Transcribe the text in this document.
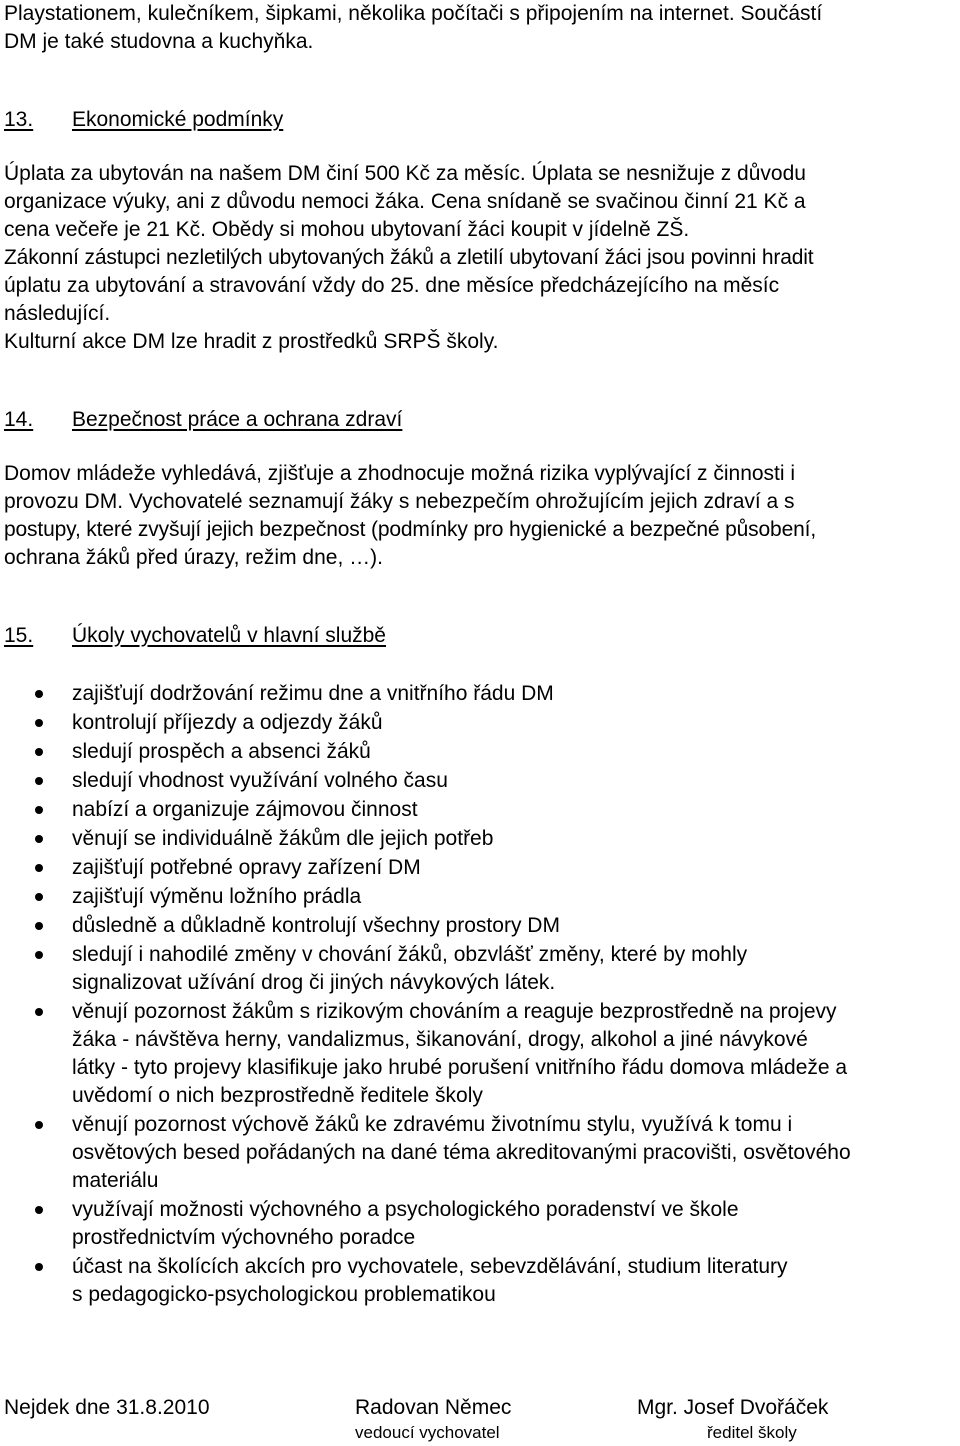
Playstationem, kulečníkem, šipkami, několika počítači s připojením na internet. Součástí
DM je také studovna a kuchyňka.
13. Ekonomické podmínky
Úplata za ubytován na našem DM činí 500 Kč za měsíc. Úplata se nesnižuje z důvodu
organizace výuky, ani z důvodu nemoci žáka. Cena snídaně se svačinou činní 21 Kč a
cena večeře je 21 Kč. Obědy si mohou ubytovaní žáci koupit v jídelně ZŠ.
Zákonní zástupci nezletilých ubytovaných žáků a zletilí ubytovaní žáci jsou povinni hradit
úplatu za ubytování a stravování vždy do 25. dne měsíce předcházejícího na měsíc
následující.
Kulturní akce DM lze hradit z prostředků SRPŠ školy.
14. Bezpečnost práce a ochrana zdraví
Domov mládeže vyhledává, zjišťuje a zhodnocuje možná rizika vyplývající z činnosti i
provozu DM. Vychovatelé seznamují žáky s nebezpečím ohrožujícím jejich zdraví a s
postupy, které zvyšují jejich bezpečnost (podmínky pro hygienické a bezpečné působení,
ochrana žáků před úrazy, režim dne, …).
15. Úkoly vychovatelů v hlavní službě
zajišťují dodržování režimu dne a vnitřního řádu DM
kontrolují příjezdy a odjezdy žáků
sledují prospěch a absenci žáků
sledují vhodnost využívání volného času
nabízí a organizuje zájmovou činnost
věnují se individuálně žákům dle jejich potřeb
zajišťují potřebné opravy zařízení DM
zajišťují výměnu ložního prádla
důsledně a důkladně kontrolují všechny prostory DM
sledují i nahodilé změny v chování žáků, obzvlášť změny, které by mohly
signalizovat užívání drog či jiných návykových látek.
věnují pozornost žákům s rizikovým chováním a reaguje bezprostředně na projevy
žáka - návštěva herny, vandalizmus, šikanování, drogy, alkohol a jiné návykové
látky - tyto projevy klasifikuje jako hrubé porušení vnitřního řádu domova mládeže a
uvědomí o nich bezprostředně ředitele školy
věnují pozornost výchově žáků ke zdravému životnímu stylu, využívá k tomu i
osvětových besed pořádaných na dané téma akreditovanými pracovišti, osvětového
materiálu
využívají možnosti výchovného a psychologického poradenství ve škole
prostřednictvím výchovného poradce
účast na školících akcích pro vychovatele, sebevzdělávání, studium literatury
s pedagogicko-psychologickou problematikou
Nejdek dne 31.8.2010	Radovan Němec
vedoucí vychovatel
Mgr. Josef Dvořáček
ředitel školy
